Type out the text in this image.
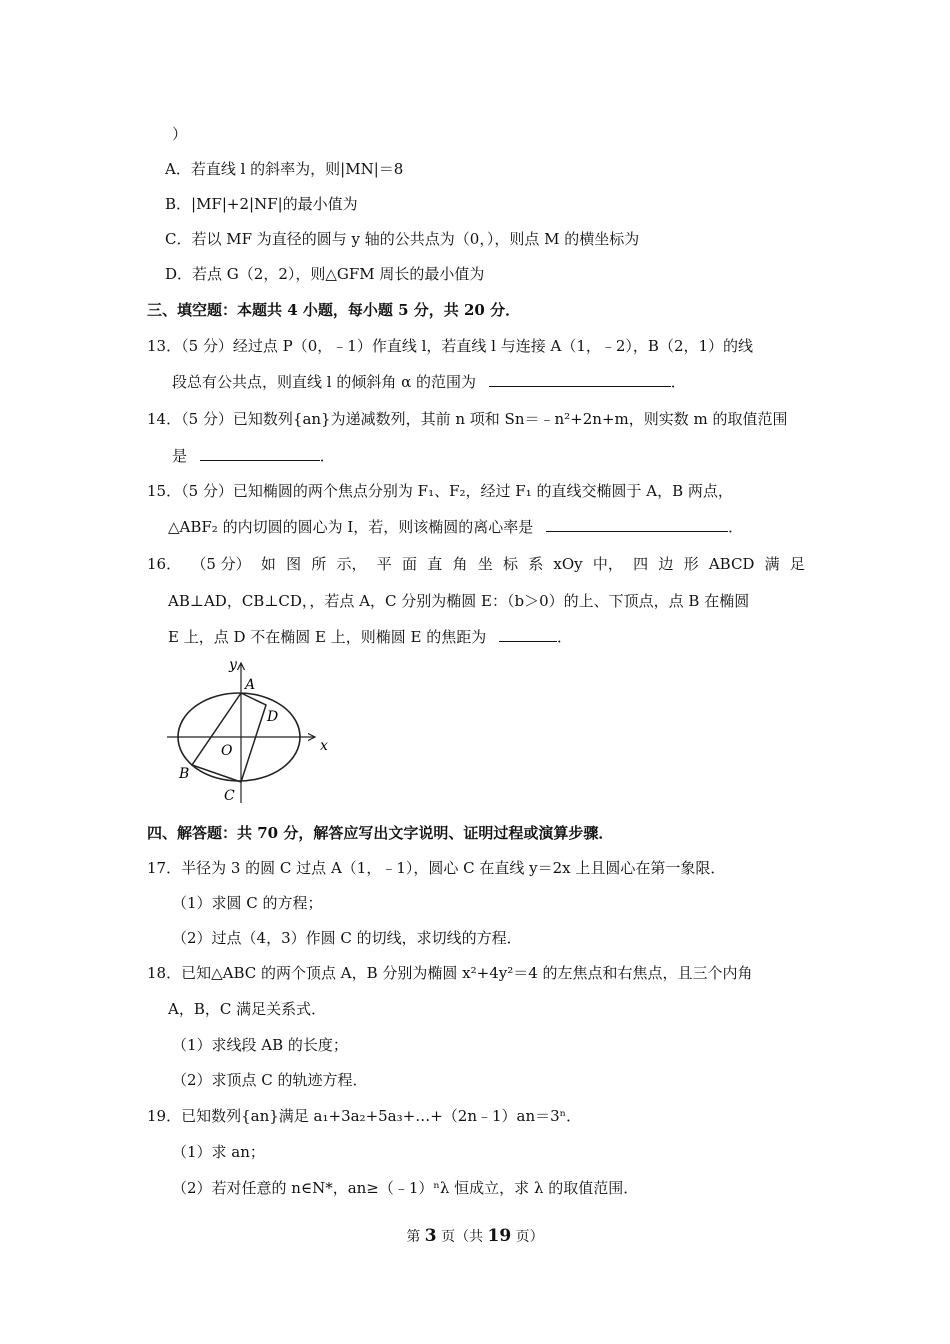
）
A．若直线 l 的斜率为，则|MN|＝8
B．|MF|+2|NF|的最小值为
C．若以 MF 为直径的圆与 y 轴的公共点为（0，），则点 M 的横坐标为
D．若点 G（2，2），则△GFM 周长的最小值为
三、填空题：本题共 4 小题，每小题 5 分，共 20 分．
13．（5 分）经过点 P（0，﹣1）作直线 l，若直线 l 与连接 A（1，﹣2），B（2，1）的线
段总有公共点，则直线 l 的倾斜角 α 的范围为	．
14．（5 分）已知数列{an}为递减数列，其前 n 项和 Sn＝﹣n²+2n+m，则实数 m 的取值范围
是	．
15．（5 分）已知椭圆的两个焦点分别为 F₁、F₂，经过 F₁ 的直线交椭圆于 A，B 两点，
△ABF₂ 的内切圆的圆心为 I，若，则该椭圆的离心率是	．
16． （5 分） 如 图 所 示， 平 面 直 角 坐 标 系 xOy 中， 四 边 形 ABCD 满 足
AB⊥AD，CB⊥CD，，若点 A，C 分别为椭圆 E：（b＞0）的上、下顶点，点 B 在椭圆
E 上，点 D 不在椭圆 E 上，则椭圆 E 的焦距为	．
y
x
A
D
O
B
C
四、解答题：共 70 分，解答应写出文字说明、证明过程或演算步骤．
17．半径为 3 的圆 C 过点 A（1，﹣1），圆心 C 在直线 y＝2x 上且圆心在第一象限．
（1）求圆 C 的方程；
（2）过点（4，3）作圆 C 的切线，求切线的方程．
18．已知△ABC 的两个顶点 A，B 分别为椭圆 x²+4y²＝4 的左焦点和右焦点，且三个内角
A，B，C 满足关系式．
（1）求线段 AB 的长度；
（2）求顶点 C 的轨迹方程．
19．已知数列{an}满足 a₁+3a₂+5a₃+…+（2n﹣1）an＝3ⁿ．
（1）求 an；
（2）若对任意的 n∈N*，an≥（﹣1）ⁿλ 恒成立，求 λ 的取值范围．
第 3 页（共 19 页）
